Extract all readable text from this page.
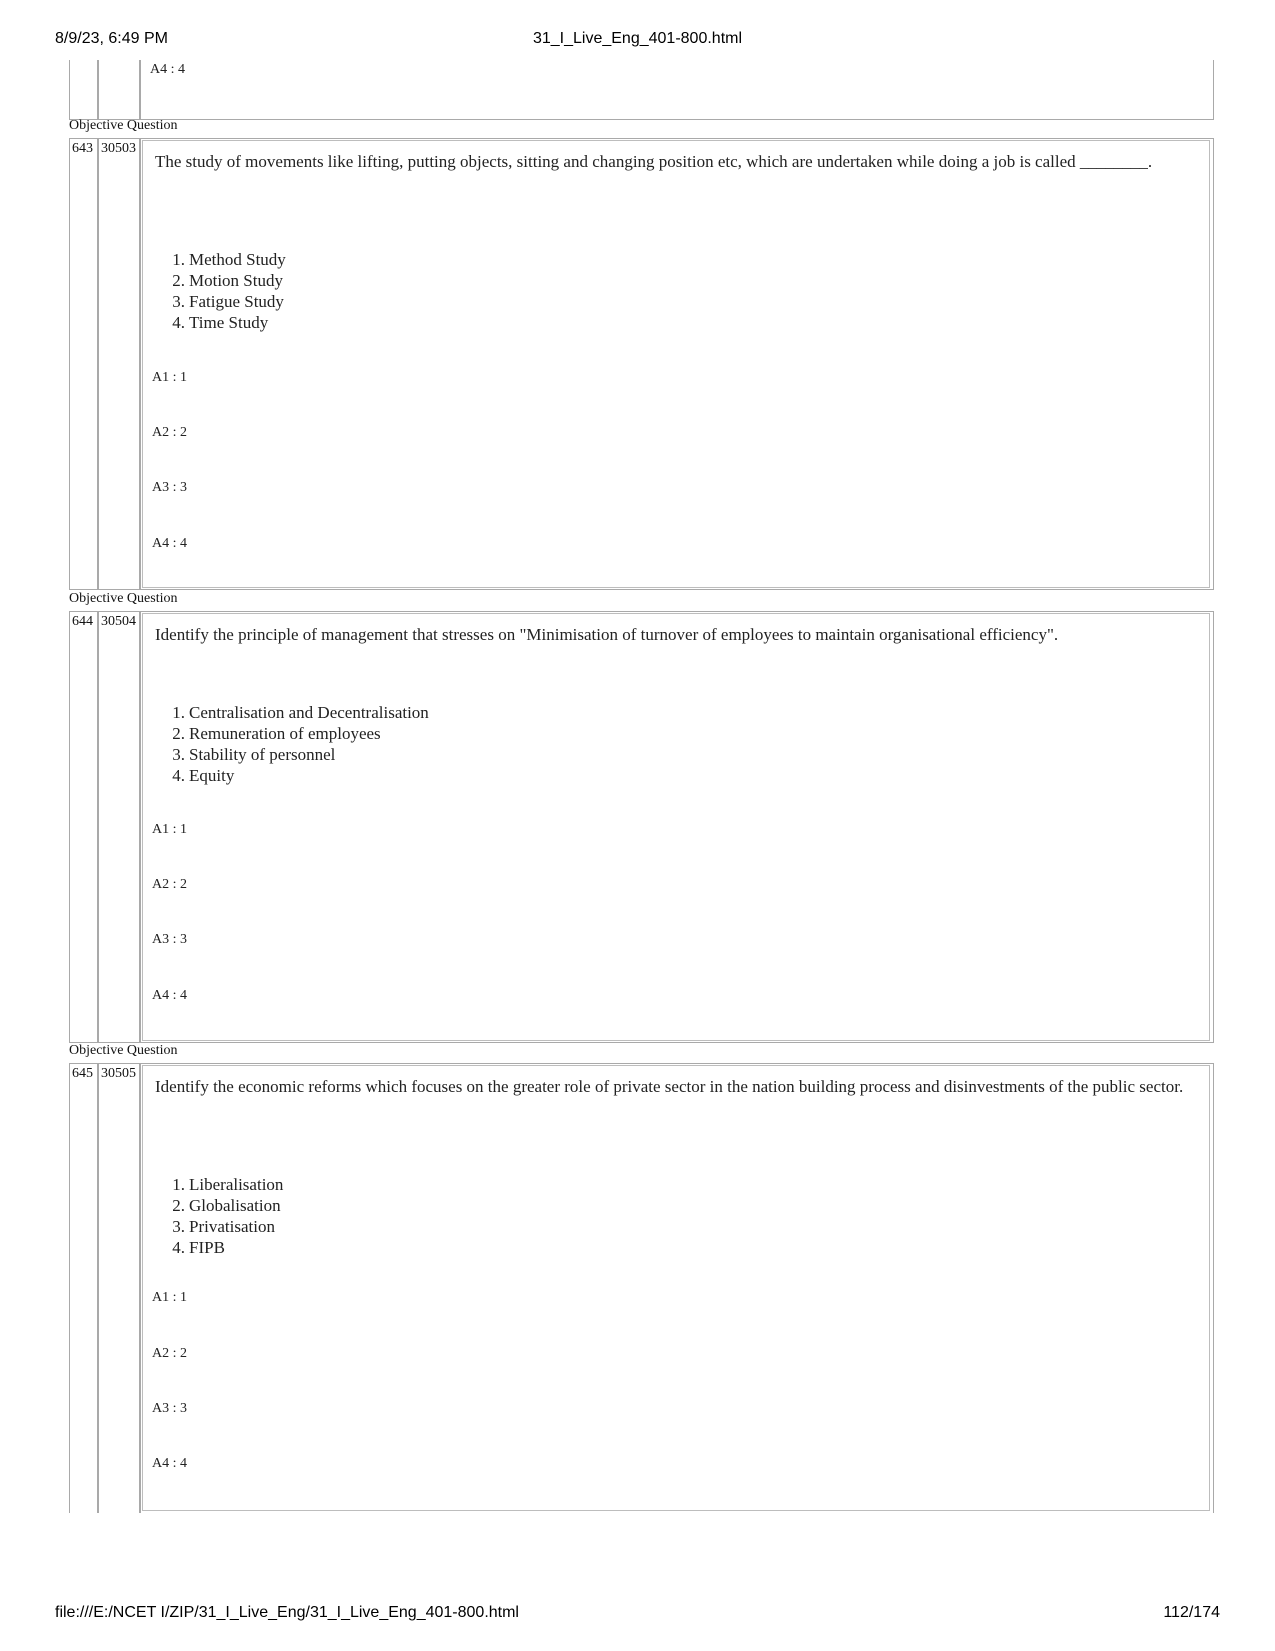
8/9/23, 6:49 PM	31_I_Live_Eng_401-800.html
A4 : 4
Objective Question
643 30503
The study of movements like lifting, putting objects, sitting and changing position etc, which are undertaken while doing a job is called ________.
1. Method Study
2. Motion Study
3. Fatigue Study
4. Time Study
A1 : 1
A2 : 2
A3 : 3
A4 : 4
Objective Question
644 30504
Identify the principle of management that stresses on "Minimisation of turnover of employees to maintain organisational efficiency".
1. Centralisation and Decentralisation
2. Remuneration of employees
3. Stability of personnel
4. Equity
A1 : 1
A2 : 2
A3 : 3
A4 : 4
Objective Question
645 30505
Identify the economic reforms which focuses on the greater role of private sector in the nation building process and disinvestments of the public sector.
1. Liberalisation
2. Globalisation
3. Privatisation
4. FIPB
A1 : 1
A2 : 2
A3 : 3
A4 : 4
file:///E:/NCET I/ZIP/31_I_Live_Eng/31_I_Live_Eng_401-800.html	112/174
